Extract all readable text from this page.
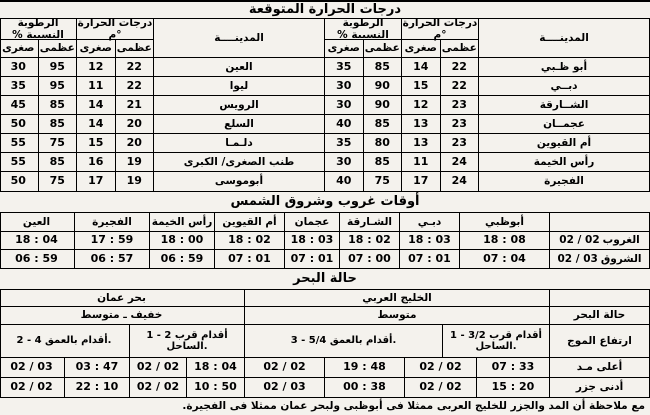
درجات الحرارة المتوقعة
المدينــــة
درجات الحرارة °م
عظمى
صغرى
الرطوبة النسبية %
عظمى
صغرى
المدينــــة
درجات الحرارة °م
عظمى
صغرى
الرطوبة النسبية %
عظمى
صغرى
أبو ظـبي
22
14
85
35
العين
22
12
95
30
دبــي
22
15
90
30
ليوا
22
11
95
35
الشــارقة
23
12
90
30
الرويس
21
14
85
45
عجمــان
23
13
85
40
السلع
20
14
85
50
أم القيوين
23
13
80
35
دلـمـا
20
15
75
55
رأس الخيمة
24
11
85
30
طنب الصغرى/ الكبرى
19
16
85
55
الفجيرة
24
17
75
40
أبوموسى
19
17
75
50
أوقات غروب وشروق الشمس
أبوظبي
دبـي
الشـارقة
عجمان
أم القيوين
رأس الخيمة
الفجيرة
العين
الغروب
02 / 02
18 : 08
18 : 03
18 : 02
18 : 03
18 : 02
18 : 00
17 : 59
18 : 04
الشروق
02 / 03
07 : 04
07 : 01
07 : 00
07 : 01
07 : 01
06 : 59
06 : 57
06 : 59
حالة البحر
الخليج العربي
بحر عمان
حالة البحر
متوسط
خفيف ـ متوسط
ارتفاع الموج
1 - 3/2 أقدام قرب الساحل.
3 - 5/4 أقدام بالعمق.
1 - 2 أقدام قرب الساحل.
2 - 4 أقدام بالعمق.
أعلى مـد
07 : 33
02 / 02
19 : 48
02 / 02
18 : 04
02 / 02
03 : 47
02 / 03
أدنى جزر
15 : 20
02 / 02
00 : 38
02 / 03
10 : 50
02 / 02
22 : 10
02 / 02
مع ملاحظة أن المد والجزر للخليج العربى ممثلا فى أبوظبى ولبحر عمان ممثلا فى الفجيرة.
